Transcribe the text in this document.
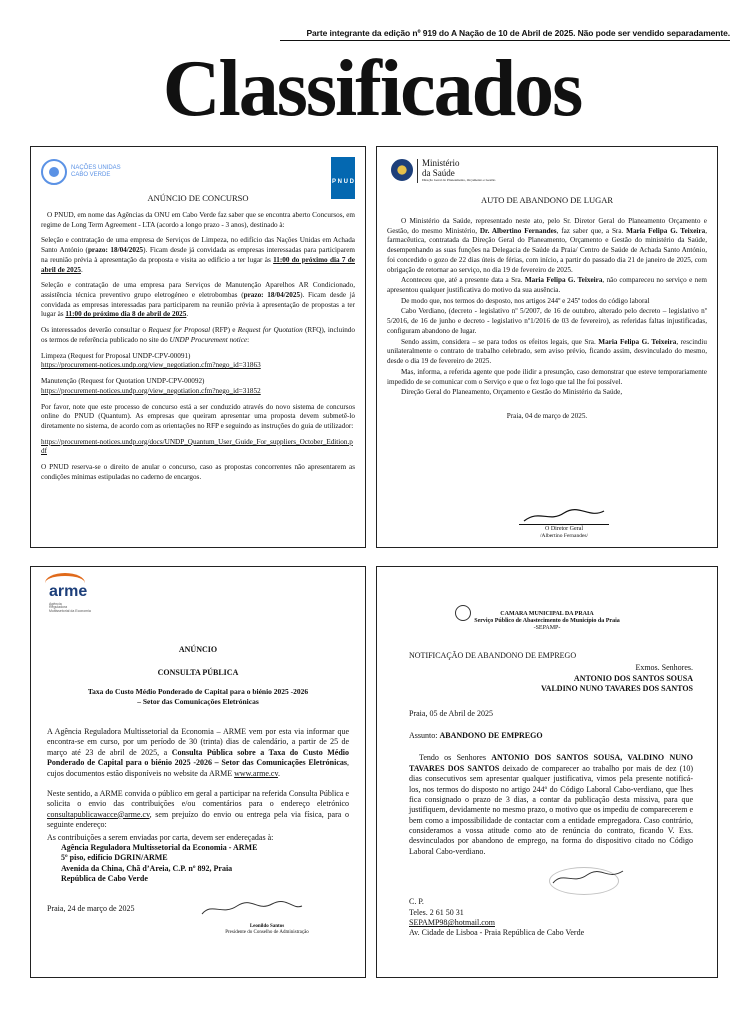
Parte integrante da edição nº 919 do A Nação de 10 de Abril de 2025. Não pode ser vendido separadamente.
Classificados
NAÇÕES UNIDAS
CABO VERDE
P N U D
ANÚNCIO DE CONCURSO

O PNUD, em nome das Agências da ONU em Cabo Verde faz saber que se encontra aberto Concursos, em regime de Long Term Agreement - LTA (acordo a longo prazo - 3 anos), destinado à:

Seleção e contratação de uma empresa de Serviços de Limpeza, no edifício das Nações Unidas em Achada Santo António (prazo: 18/04/2025). Ficam desde já convidada as empresas interessadas para participarem na reunião prévia à apresentação da proposta e visita ao edifício a ter lugar às 11:00 do próximo dia 7 de abril de 2025.

Seleção e contratação de uma empresa para Serviços de Manutenção Aparelhos AR Condicionado, assistência técnica preventivo grupo eletrogéneo e eletrobombas (prazo: 18/04/2025). Ficam desde já convidada as empresas interessadas para participarem na reunião prévia à apresentação de propostas a ter lugar às 11:00 do próximo dia 8 de abril de 2025.

Os interessados deverão consultar o Request for Proposal (RFP) e Request for Quotation (RFQ), incluindo os termos de referência publicado no site do UNDP Procurement notice:

Limpeza (Request for Proposal UNDP-CPV-00091)
https://procurement-notices.undp.org/view_negotiation.cfm?nego_id=31863

Manutenção (Request for Quotation UNDP-CPV-00092)
https://procurement-notices.undp.org/view_negotiation.cfm?nego_id=31852

Por favor, note que este processo de concurso está a ser conduzido através do novo sistema de concursos online do PNUD (Quantum). As empresas que queiram apresentar uma proposta devem submetê-lo diretamente no sistema, de acordo com as orientações no RFP e seguindo as instruções do guia de utilizador:

https://procurement-notices.undp.org/docs/UNDP_Quantum_User_Guide_For_suppliers_October_Edition.pdf

O PNUD reserva-se o direito de anular o concurso, caso as propostas concorrentes não apresentarem as condições mínimas estipuladas no caderno de encargos.

Ministério
da Saúde
Direção Geral do Planeamento, Orçamento e Gestão
AUTO DE ABANDONO DE LUGAR

O Ministério da Saúde, representado neste ato, pelo Sr. Diretor Geral do Planeamento Orçamento e Gestão, do mesmo Ministério, Dr. Albertino Fernandes, faz saber que, a Sra. Maria Felipa G. Teixeira, farmacêutica, contratada da Direção Geral do Planeamento, Orçamento e Gestão do ministério da Saúde, desempenhando as suas funções na Delegacia de Saúde da Praia/ Centro de Saúde de Achada Santo António, foi concedido o gozo de 22 dias úteis de férias, com início, a partir do passado dia 21 de janeiro de 2025, com obrigação de retornar ao serviço, no dia 19 de fevereiro de 2025.

Aconteceu que, até a presente data a Sra. Maria Felipa G. Teixeira, não compareceu no serviço e nem apresentou qualquer justificativa do motivo da sua ausência.

De modo que, nos termos do desposto, nos artigos 244º e 245º todos do código laboral

Cabo Verdiano, (decreto - legislativo nº 5/2007, de 16 de outubro, alterado pelo decreto – legislativo nº 5/2016, de 16 de junho e decreto - legislativo nº1/2016 de 03 de fevereiro), as referidas faltas injustificadas, configuram abandono de lugar.

Sendo assim, considera – se para todos os efeitos legais, que Sra. Maria Felipa G. Teixeira, rescindiu unilateralmente o contrato de trabalho celebrado, sem aviso prévio, ficando assim, desvinculado do mesmo, desde o dia 19 de fevereiro de 2025.

Mas, informa, a referida agente que pode ilidir a presunção, caso demonstrar que esteve temporariamente impedido de se comunicar com o Serviço e que o fez logo que tal lhe foi possível.

Direção Geral do Planeamento, Orçamento e Gestão do Ministério da Saúde,

Praia, 04 de março de 2025.

O Diretor Geral
/Albertino Fernandes/
arme
Agência
Reguladora
Multissetorial da Economia
ANÚNCIO
CONSULTA PÚBLICA
Taxa do Custo Médio Ponderado de Capital para o biénio 2025 -2026
– Setor das Comunicações Eletrónicas

A Agência Reguladora Multissetorial da Economia – ARME vem por esta via informar que encontra-se em curso, por um período de 30 (trinta) dias de calendário, a partir de 25 de março até 23 de abril de 2025, a Consulta Pública sobre a Taxa do Custo Médio Ponderado de Capital para o biénio 2025 -2026 – Setor das Comunicações Eletrónicas, cujos documentos estão disponíveis no website da ARME www.arme.cv.

Neste sentido, a ARME convida o público em geral a participar na referida Consulta Pública e solicita o envio das contribuições e/ou comentários para o endereço eletrónico consultapublicawacce@arme.cv, sem prejuízo do envio ou entrega pela via física, para o seguinte endereço:

As contribuições a serem enviadas por carta, devem ser endereçadas à:

Agência Reguladora Multissetorial da Economia - ARME
5º piso, edifício DGRIN/ARME
Avenida da China, Chã d’Areia, C.P. nº 892, Praia
República de Cabo Verde
Praia, 24 de março de 2025
Leonildo Santos
Presidente do Conselho de Administração
CAMARA MUNICIPAL DA PRAIA
Serviço Público de Abastecimento do Município da Praia
-SEPAMP-

NOTIFICAÇÃO DE ABANDONO DE EMPREGO

Exmos. Senhores.
ANTONIO DOS SANTOS SOUSA
VALDINO NUNO TAVARES DOS SANTOS

Praia, 05 de Abril de 2025

Assunto: ABANDONO DE EMPREGO

Tendo os Senhores ANTONIO DOS SANTOS SOUSA, VALDINO NUNO TAVARES DOS SANTOS deixado de comparecer ao trabalho por mais de dez (10) dias consecutivos sem apresentar qualquer justificativa, vimos pela presente notificá- los, nos termos do disposto no artigo 244º do Código Laboral Cabo-verdiano, que lhes fica consignado o prazo de 3 dias, a contar da publicação desta missiva, para que justifiquem, devidamente no mesmo prazo, o motivo que os impediu de comparecerem e bem como a impossibilidade de contactar com a entidade empregadora. Caso contrário, consideramos a vossa atitude como ato de renúncia do contrato, ficando V. Exs. desvinculados por abandono de emprego, na forma do dispositivo citado no Código Laboral Cabo-verdiano.

C. P.
Teles. 2 61 50 31
SEPAMP98@hotmail.com
Av. Cidade de Lisboa - Praia República de Cabo Verde
